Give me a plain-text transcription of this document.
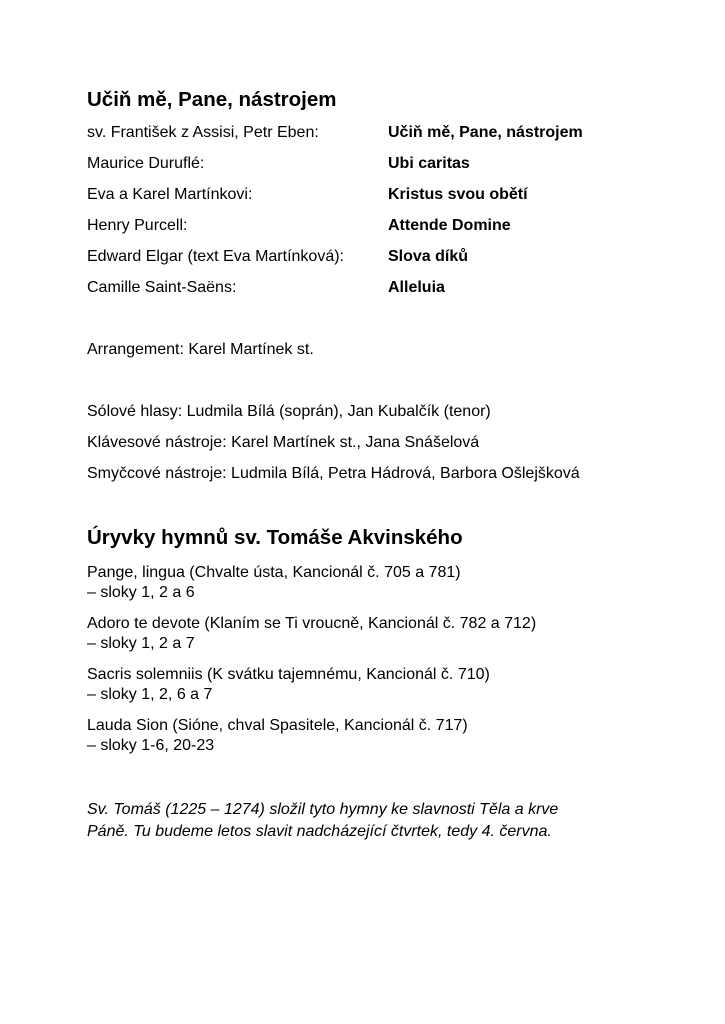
Učiň mě, Pane, nástrojem
sv. František z Assisi, Petr Eben:	Učiň mě, Pane, nástrojem
Maurice Duruflé:	Ubi caritas
Eva a Karel Martínkovi:	Kristus svou obětí
Henry Purcell:	Attende Domine
Edward Elgar (text Eva Martínková):	Slova díků
Camille Saint-Saëns:	Alleluia
Arrangement: Karel Martínek st.
Sólové hlasy: Ludmila Bílá (soprán), Jan Kubalčík (tenor)
Klávesové nástroje: Karel Martínek st., Jana Snášelová
Smyčcové nástroje: Ludmila Bílá, Petra Hádrová, Barbora Ošlejšková
Úryvky hymnů sv. Tomáše Akvinského
Pange, lingua (Chvalte ústa, Kancionál č. 705 a 781)
– sloky 1, 2 a 6
Adoro te devote (Klaním se Ti vroucně, Kancionál č. 782 a 712)
– sloky 1, 2 a 7
Sacris solemniis (K svátku tajemnému, Kancionál č. 710)
– sloky 1, 2, 6 a 7
Lauda Sion (Sióne, chval Spasitele, Kancionál č. 717)
– sloky 1-6, 20-23
Sv. Tomáš (1225 – 1274) složil tyto hymny ke slavnosti Těla a krve
Páně. Tu budeme letos slavit nadcházející čtvrtek, tedy 4. června.
